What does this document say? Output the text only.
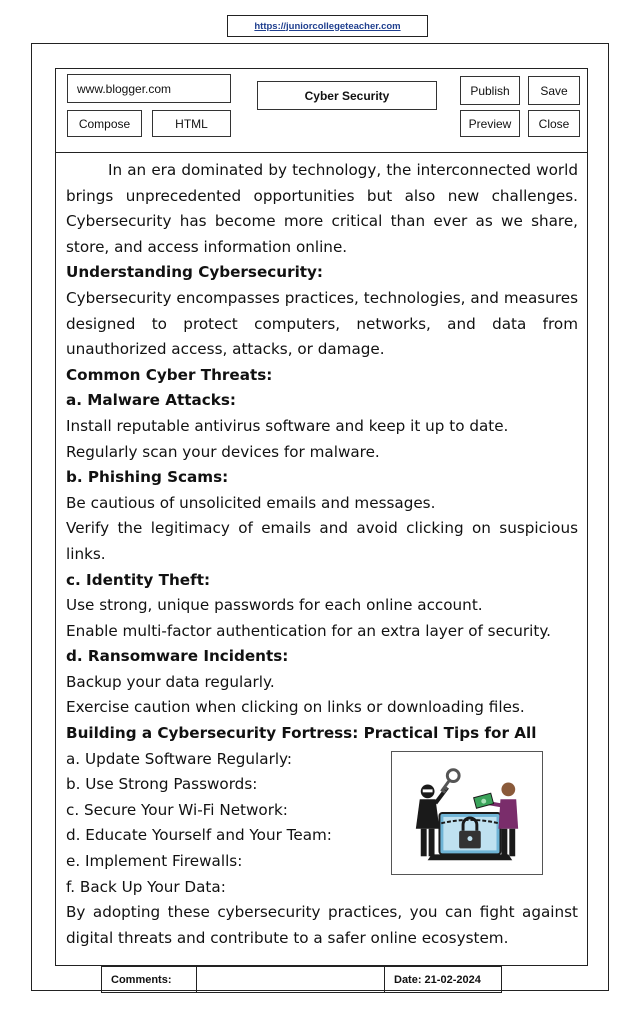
https://juniorcollegeteacher.com
www.blogger.com	Cyber Security	Publish	Save
Compose	HTML	Preview	Close

In an era dominated by technology, the interconnected world brings unprecedented opportunities but also new challenges. Cybersecurity has become more critical than ever as we share, store, and access information online.

Understanding Cybersecurity:

Cybersecurity encompasses practices, technologies, and measures designed to protect computers, networks, and data from unauthorized access, attacks, or damage.

Common Cyber Threats:

a. Malware Attacks:

Install reputable antivirus software and keep it up to date.

Regularly scan your devices for malware.

b. Phishing Scams:

Be cautious of unsolicited emails and messages.

Verify the legitimacy of emails and avoid clicking on suspicious links.

c. Identity Theft:

Use strong, unique passwords for each online account.

Enable multi-factor authentication for an extra layer of security.

d. Ransomware Incidents:

Backup your data regularly.

Exercise caution when clicking on links or downloading files.

Building a Cybersecurity Fortress: Practical Tips for All

a. Update Software Regularly:

b. Use Strong Passwords:

c. Secure Your Wi-Fi Network:

d. Educate Yourself and Your Team:

e. Implement Firewalls:

f. Back Up Your Data:

By adopting these cybersecurity practices, you can fight against digital threats and contribute to a safer online ecosystem.

Comments:	Date: 21-02-2024
